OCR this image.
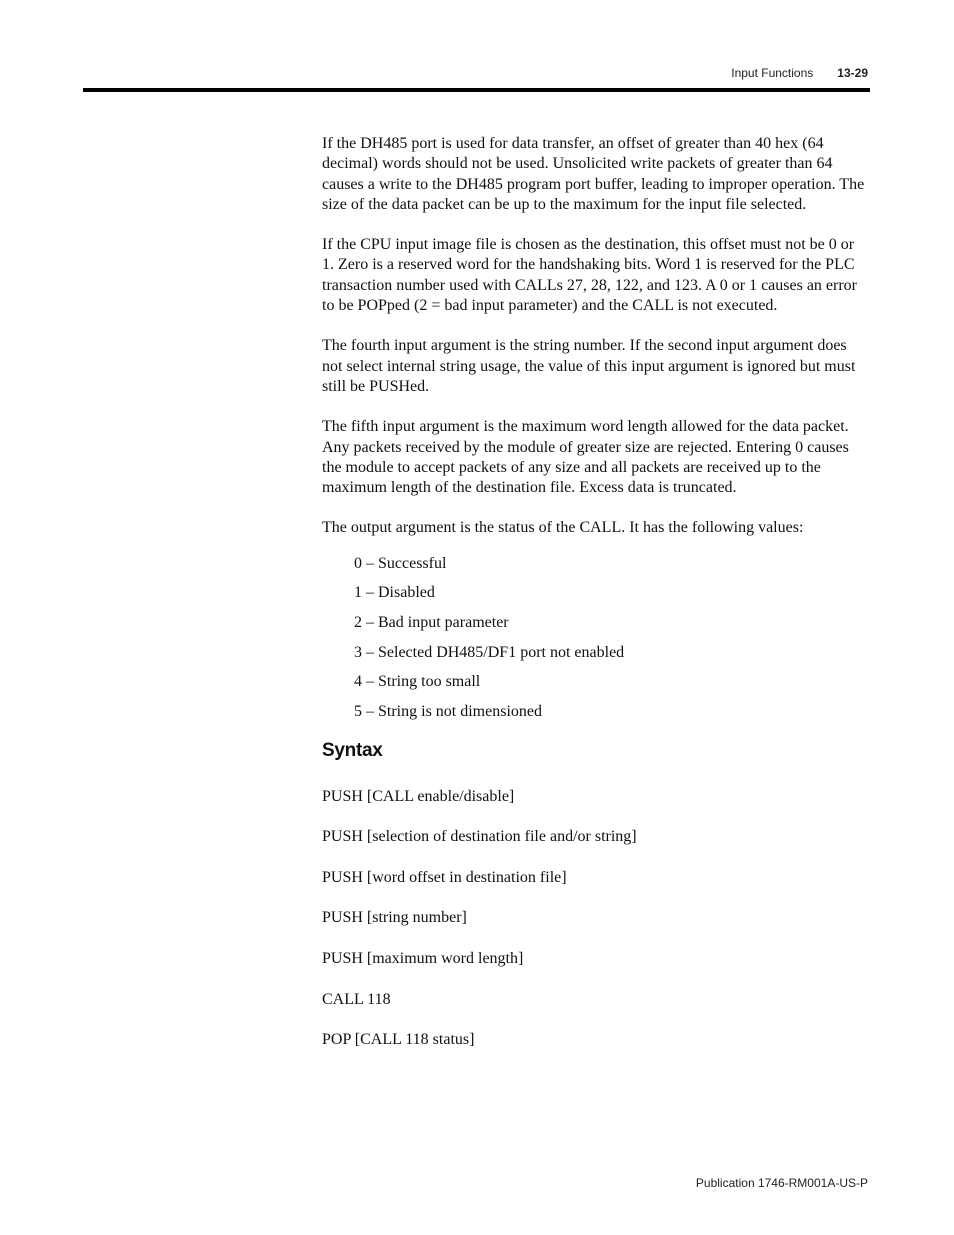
Input Functions 13-29

If the DH485 port is used for data transfer, an offset of greater than 40 hex (64 decimal) words should not be used. Unsolicited write packets of greater than 64 causes a write to the DH485 program port buffer, leading to improper operation. The size of the data packet can be up to the maximum for the input file selected.

If the CPU input image file is chosen as the destination, this offset must not be 0 or 1. Zero is a reserved word for the handshaking bits. Word 1 is reserved for the PLC transaction number used with CALLs 27, 28, 122, and 123. A 0 or 1 causes an error to be POPped (2 = bad input parameter) and the CALL is not executed.

The fourth input argument is the string number. If the second input argument does not select internal string usage, the value of this input argument is ignored but must still be PUSHed.

The fifth input argument is the maximum word length allowed for the data packet. Any packets received by the module of greater size are rejected. Entering 0 causes the module to accept packets of any size and all packets are received up to the maximum length of the destination file. Excess data is truncated.

The output argument is the status of the CALL. It has the following values:

0 – Successful
1 – Disabled
2 – Bad input parameter
3 – Selected DH485/DF1 port not enabled
4 – String too small
5 – String is not dimensioned
Syntax
PUSH [CALL enable/disable]
PUSH [selection of destination file and/or string]
PUSH [word offset in destination file]
PUSH [string number]
PUSH [maximum word length]
CALL 118
POP [CALL 118 status]
Publication 1746-RM001A-US-P
